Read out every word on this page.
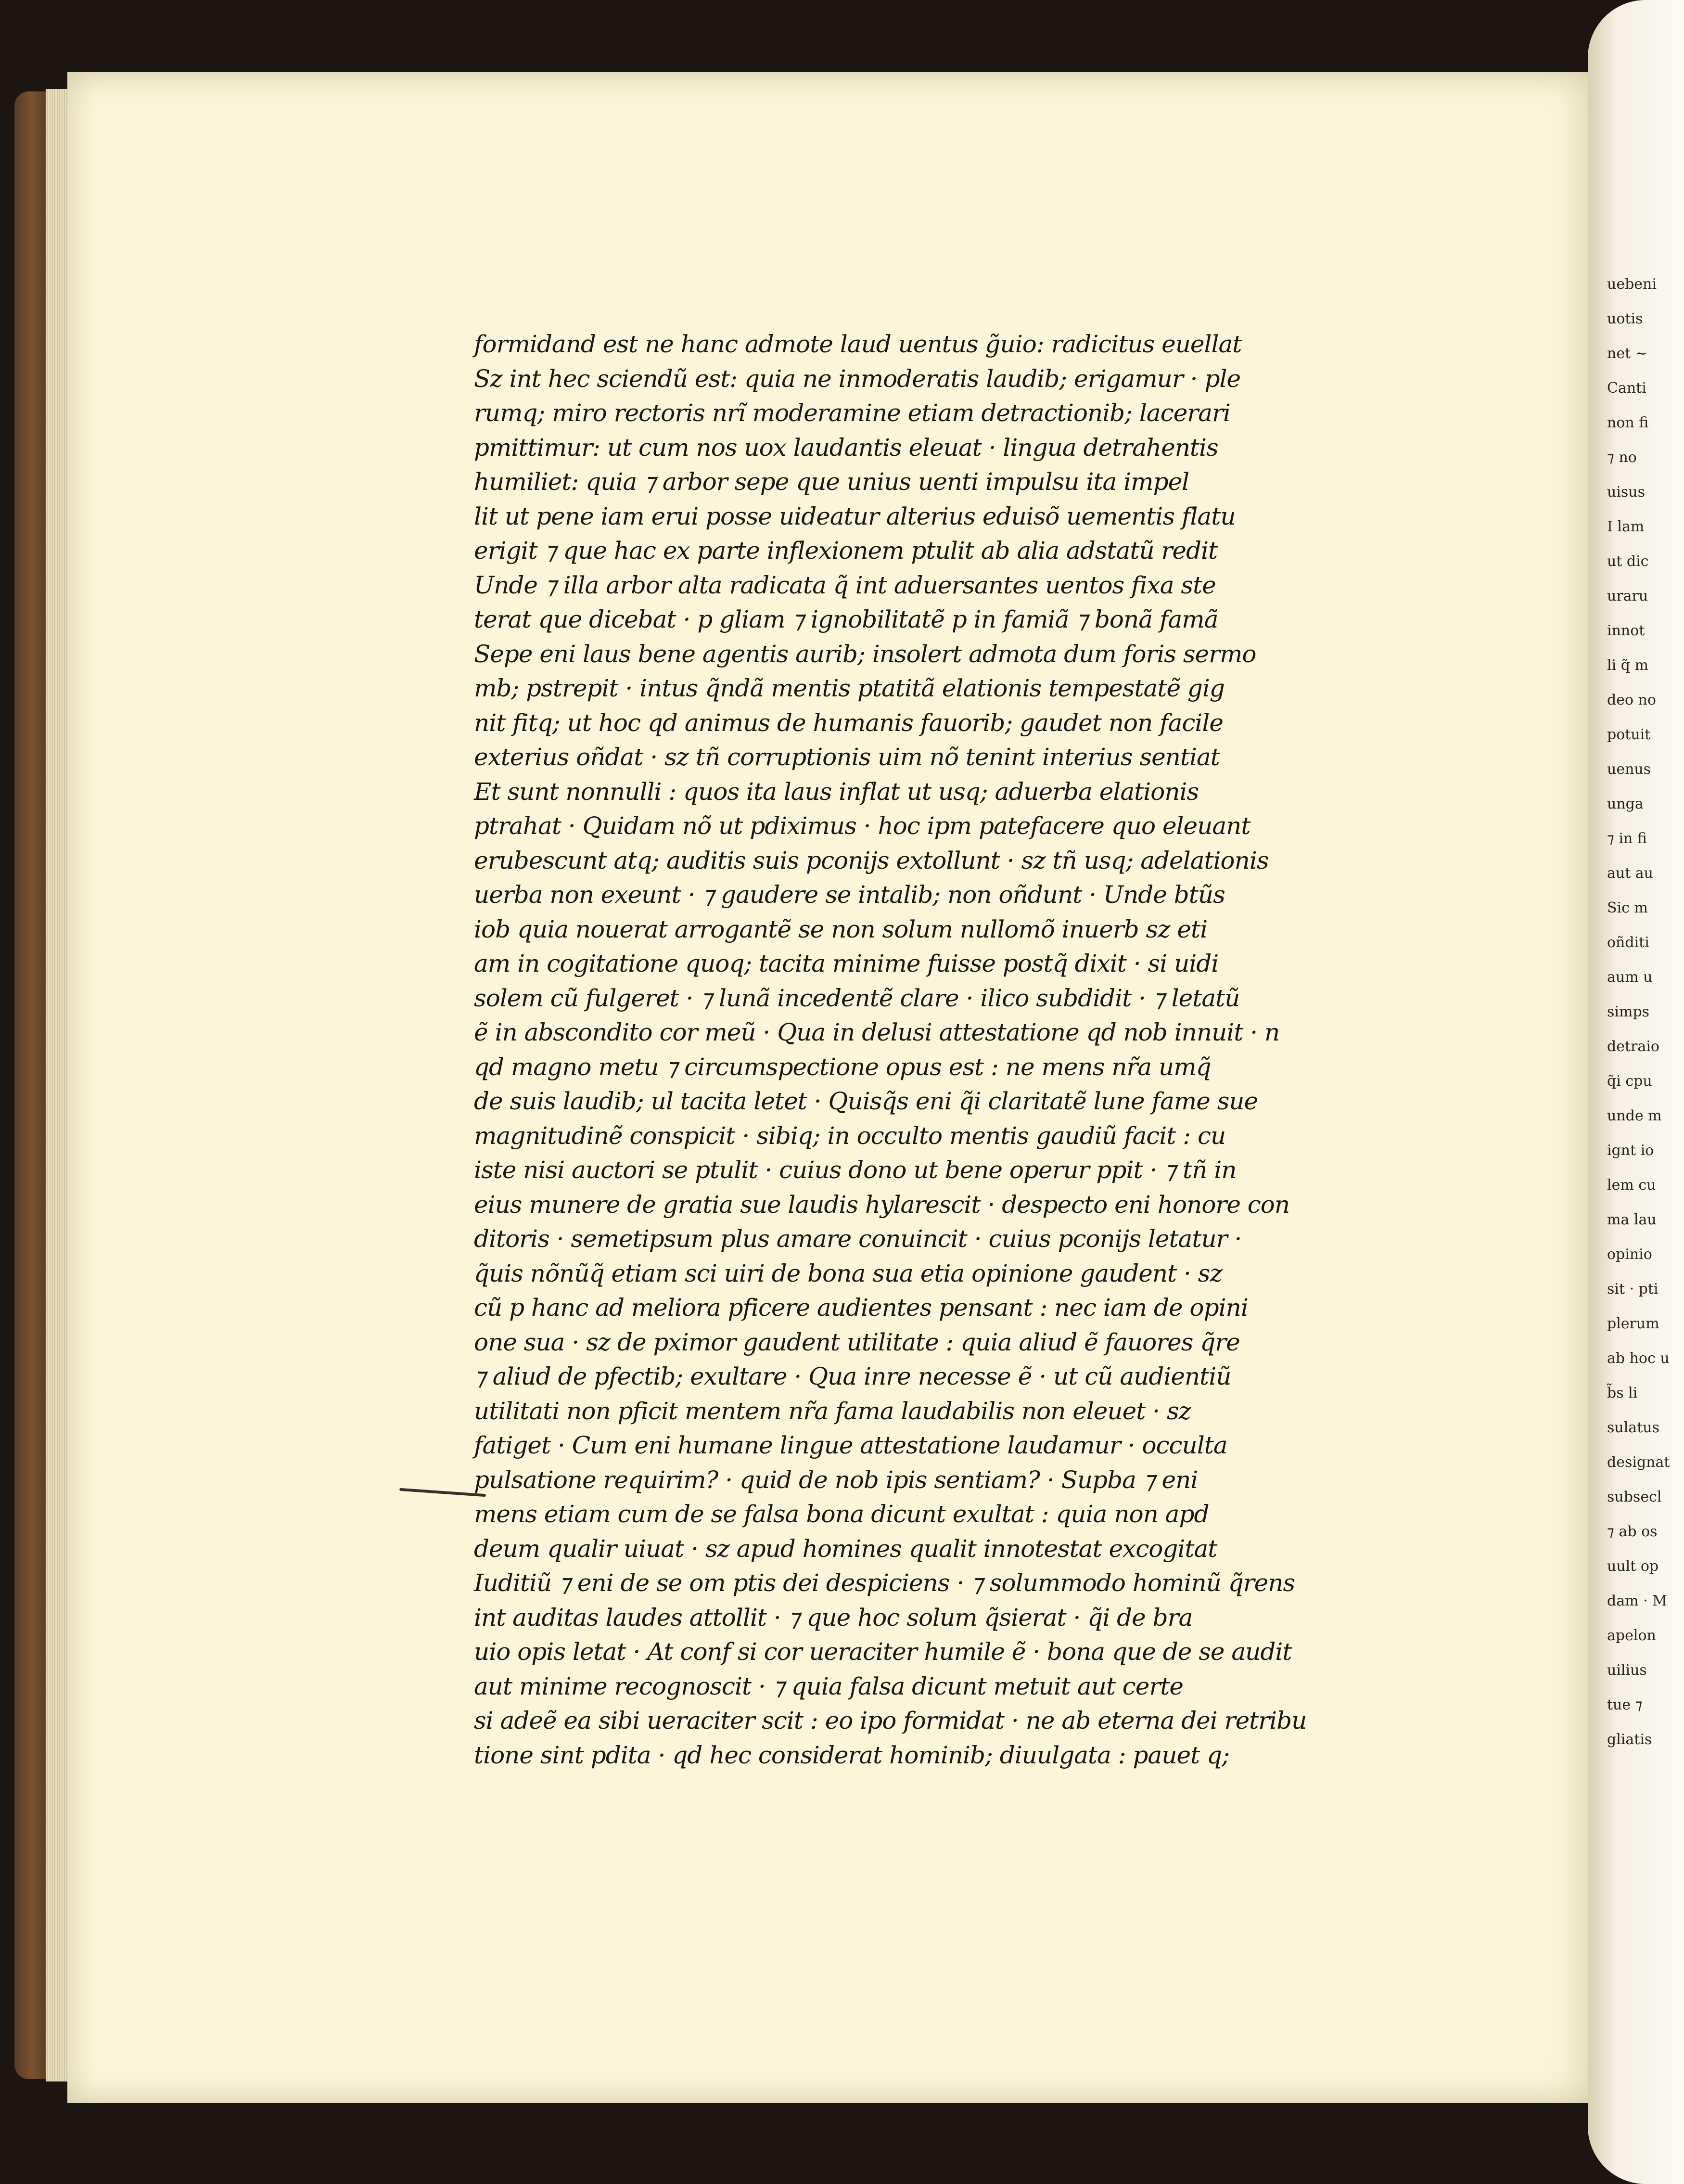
uebeni
uotis
net ~
Canti
non fi
⁊ no
uisus
I lam
ut dic
uraru
innot
li q̃ m
deo no
potuit
uenus
unga
⁊ in fi
aut au
Sic m
oñditi
aum u
simps
detraio
q̃i cpu
unde m
ignt io
lem cu
ma lau
opinio
sit · pti
plerum
ab hoc u
b̃s li
sulatus
designat
subsecl
⁊ ab os
uult op
dam · M
apelon
uilius
tue ⁊
gliatis
formidand est ne hanc admote laud uentus g̃uio: radicitus euellat
Sz int hec sciendũ est: quia ne inmoderatis laudib; erigamur · ple
rumq; miro rectoris nrĩ moderamine etiam detractionib; lacerari
pmittimur: ut cum nos uox laudantis eleuat · lingua detrahentis
humiliet: quia ⁊ arbor sepe que unius uenti impulsu ita impel
lit ut pene iam erui posse uideatur alterius eduisõ uementis flatu
erigit ⁊ que hac ex parte inflexionem ptulit ab alia adstatũ redit
Unde ⁊ illa arbor alta radicata q̃ int aduersantes uentos fixa ste
terat que dicebat · p gliam ⁊ ignobilitatẽ p in famiã ⁊ bonã famã
Sepe eni laus bene agentis aurib; insolert admota dum foris sermo
mb; pstrepit · intus q̃ndã mentis ptatitã elationis tempestatẽ gig
nit fitq; ut hoc qd animus de humanis fauorib; gaudet non facile
exterius oñdat · sz tñ corruptionis uim nõ tenint interius sentiat
Et sunt nonnulli : quos ita laus inflat ut usq; aduerba elationis
ptrahat · Quidam nõ ut pdiximus · hoc ipm patefacere quo eleuant
erubescunt atq; auditis suis pconijs extollunt · sz tñ usq; adelationis
uerba non exeunt · ⁊ gaudere se intalib; non oñdunt · Unde btũs
iob quia nouerat arrogantẽ se non solum nullomõ inuerb sz eti
am in cogitatione quoq; tacita minime fuisse postq̃ dixit · si uidi
solem cũ fulgeret · ⁊ lunã incedentẽ clare · ilico subdidit · ⁊ letatũ
ẽ in abscondito cor meũ · Qua in delusi attestatione qd nob innuit · n
qd magno metu ⁊ circumspectione opus est : ne mens nr̃a umq̃
de suis laudib; ul tacita letet · Quisq̃s eni q̃i claritatẽ lune fame sue
magnitudinẽ conspicit · sibiq; in occulto mentis gaudiũ facit : cu
iste nisi auctori se ptulit · cuius dono ut bene operur ppit · ⁊ tñ in
eius munere de gratia sue laudis hylarescit · despecto eni honore con
ditoris · semetipsum plus amare conuincit · cuius pconijs letatur ·
q̃uis nõnũq̃ etiam sci uiri de bona sua etia opinione gaudent · sz
cũ p hanc ad meliora pficere audientes pensant : nec iam de opini
one sua · sz de pximor gaudent utilitate : quia aliud ẽ fauores q̃re
⁊ aliud de pfectib; exultare · Qua inre necesse ẽ · ut cũ audientiũ
utilitati non pficit mentem nr̃a fama laudabilis non eleuet · sz
fatiget · Cum eni humane lingue attestatione laudamur · occulta
pulsatione requirim? · quid de nob ipis sentiam? · Supba ⁊ eni
mens etiam cum de se falsa bona dicunt exultat : quia non apd
deum qualir uiuat · sz apud homines qualit innotestat excogitat
Iuditiũ ⁊ eni de se om ptis dei despiciens · ⁊ solummodo hominũ q̃rens
int auditas laudes attollit · ⁊ que hoc solum q̃sierat · q̃i de bra
uio opis letat · At conf si cor ueraciter humile ẽ · bona que de se audit
aut minime recognoscit · ⁊ quia falsa dicunt metuit aut certe
si adeẽ ea sibi ueraciter scit : eo ipo formidat · ne ab eterna dei retribu
tione sint pdita · qd hec considerat hominib; diuulgata : pauet q;
